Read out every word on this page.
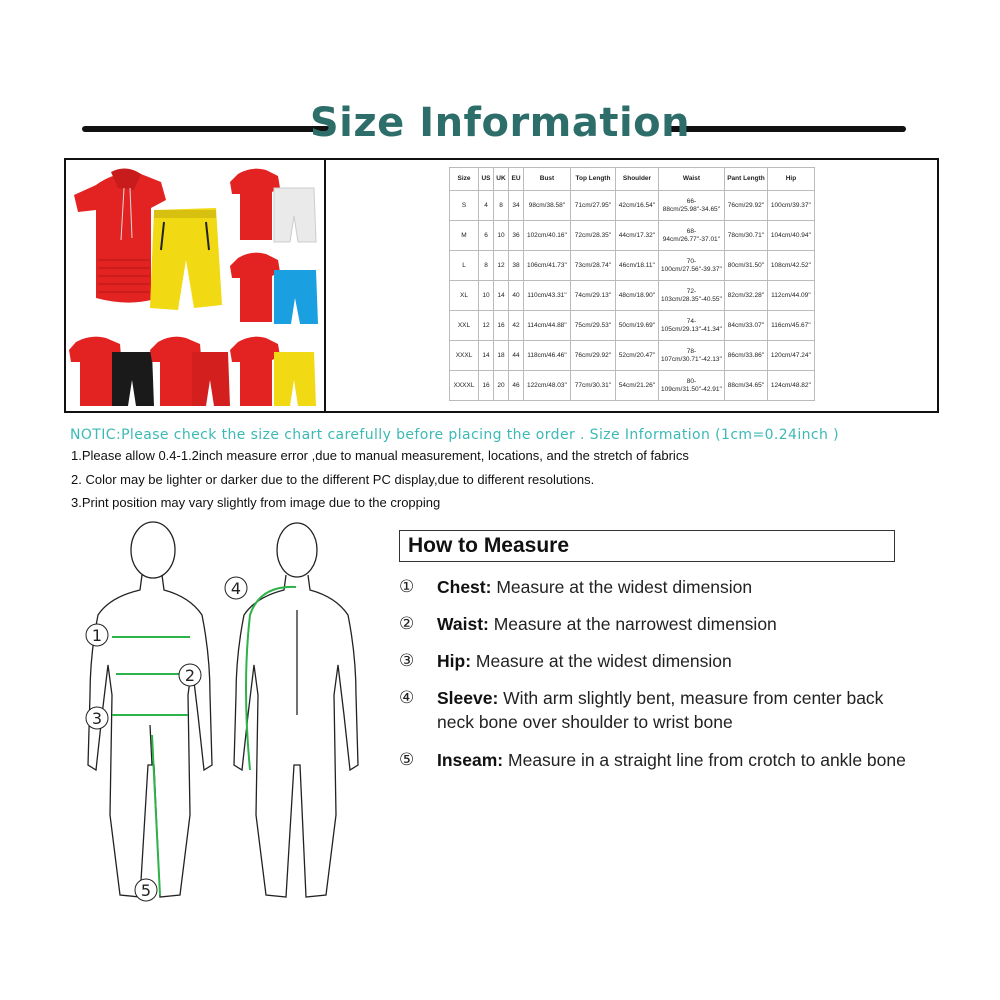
Size Information
Size	US	UK	EU	Bust	Top Length	Shoulder	Waist	Pant Length	Hip
S	4	8	34	98cm/38.58''	71cm/27.95''	42cm/16.54''	66-88cm/25.98''-34.65''	76cm/29.92''	100cm/39.37''
M	6	10	36	102cm/40.16''	72cm/28.35''	44cm/17.32''	68-94cm/26.77''-37.01''	78cm/30.71''	104cm/40.94''
L	8	12	38	106cm/41.73''	73cm/28.74''	46cm/18.11''	70-100cm/27.56''-39.37''	80cm/31.50''	108cm/42.52''
XL	10	14	40	110cm/43.31''	74cm/29.13''	48cm/18.90''	72-103cm/28.35''-40.55''	82cm/32.28''	112cm/44.09''
XXL	12	16	42	114cm/44.88''	75cm/29.53''	50cm/19.69''	74-105cm/29.13''-41.34''	84cm/33.07''	116cm/45.67''
XXXL	14	18	44	118cm/46.46''	76cm/29.92''	52cm/20.47''	78-107cm/30.71''-42.13''	86cm/33.86''	120cm/47.24''
XXXXL	16	20	46	122cm/48.03''	77cm/30.31''	54cm/21.26''	80-109cm/31.50''-42.91''	88cm/34.65''	124cm/48.82''
NOTIC:Please check the size chart carefully before placing the order . Size Information (1cm=0.24inch )
1.Please allow 0.4-1.2inch measure error ,due to manual measurement, locations, and the stretch of fabrics
2. Color may be lighter or darker due to the different PC display,due to different resolutions.
3.Print position may vary slightly from image due to the cropping
1
2
3
4
5
How to Measure
① Chest: Measure at the widest dimension
② Waist: Measure at the narrowest dimension
③ Hip: Measure at the widest dimension
④ Sleeve: With arm slightly bent, measure from center back neck bone over shoulder to wrist bone
⑤ Inseam: Measure in a straight line from crotch to ankle bone
